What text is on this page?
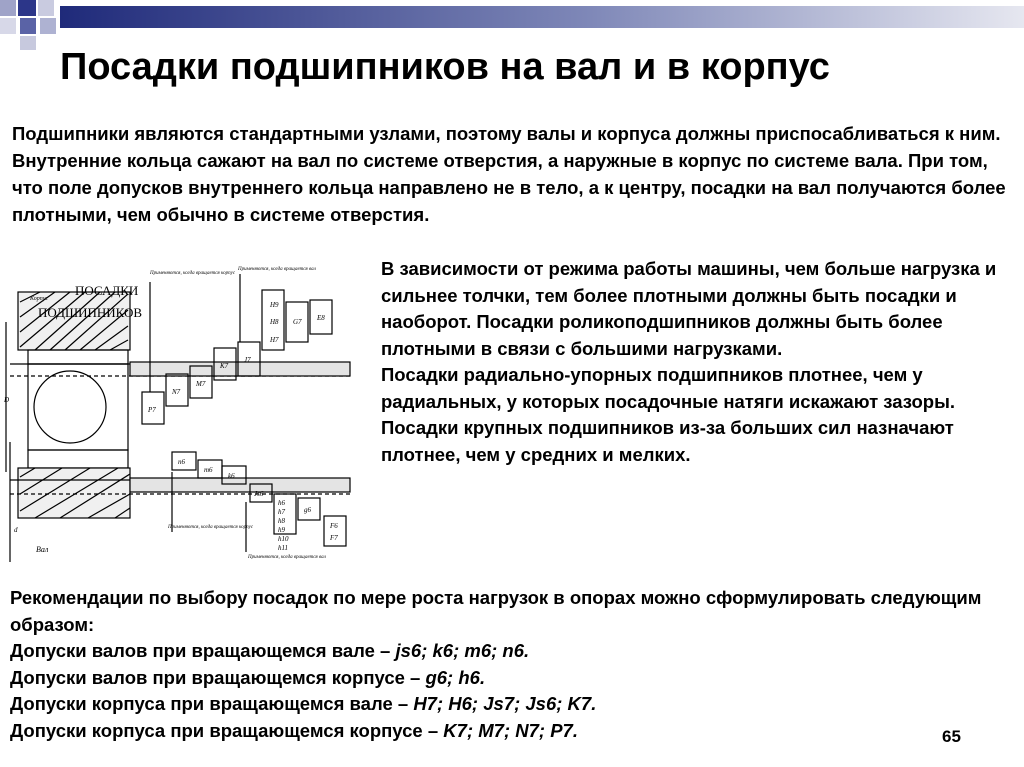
Посадки подшипников на вал и в корпус
Подшипники являются стандартными узлами, поэтому валы и корпуса должны приспосабливаться к ним. Внутренние кольца сажают на вал по системе отверстия, а наружные в корпус по системе вала. При том, что поле допусков внутреннего кольца направлено не в тело, а к центру, посадки на вал получаются более плотными, чем обычно в системе отверстия.
H9
H8
H7
G7 E8
J7
K7
M7
N7
P7
n6
m6
k6
Js6
h6
h7
h8
h9
h10
h11
g6
F6
F7
D
d
Вал
Корпус
Применяются, когда вращается корпус
Применяются, когда вращается вал
Применяются, когда вращается корпус
Применяются, когда вращается вал
ПОСАДКИ
ПОДШИПНИКОВ

В зависимости от режима работы машины, чем больше нагрузка и сильнее толчки, тем более плотными должны быть посадки и наоборот. Посадки роликоподшипников должны быть более плотными в связи с большими нагрузками.

Посадки радиально-упорных подшипников плотнее, чем у радиальных, у которых посадочные натяги искажают зазоры.

Посадки крупных подшипников из-за больших сил назначают плотнее, чем у средних и мелких.

Рекомендации по выбору посадок по мере роста нагрузок в опорах можно сформулировать следующим образом:

Допуски валов при вращающемся вале – js6; k6; m6; n6.

Допуски валов при вращающемся корпусе – g6; h6.

Допуски корпуса при вращающемся вале – H7; H6; Js7; Js6; K7.

Допуски корпуса при вращающемся корпусе – K7; M7; N7; P7.	65
